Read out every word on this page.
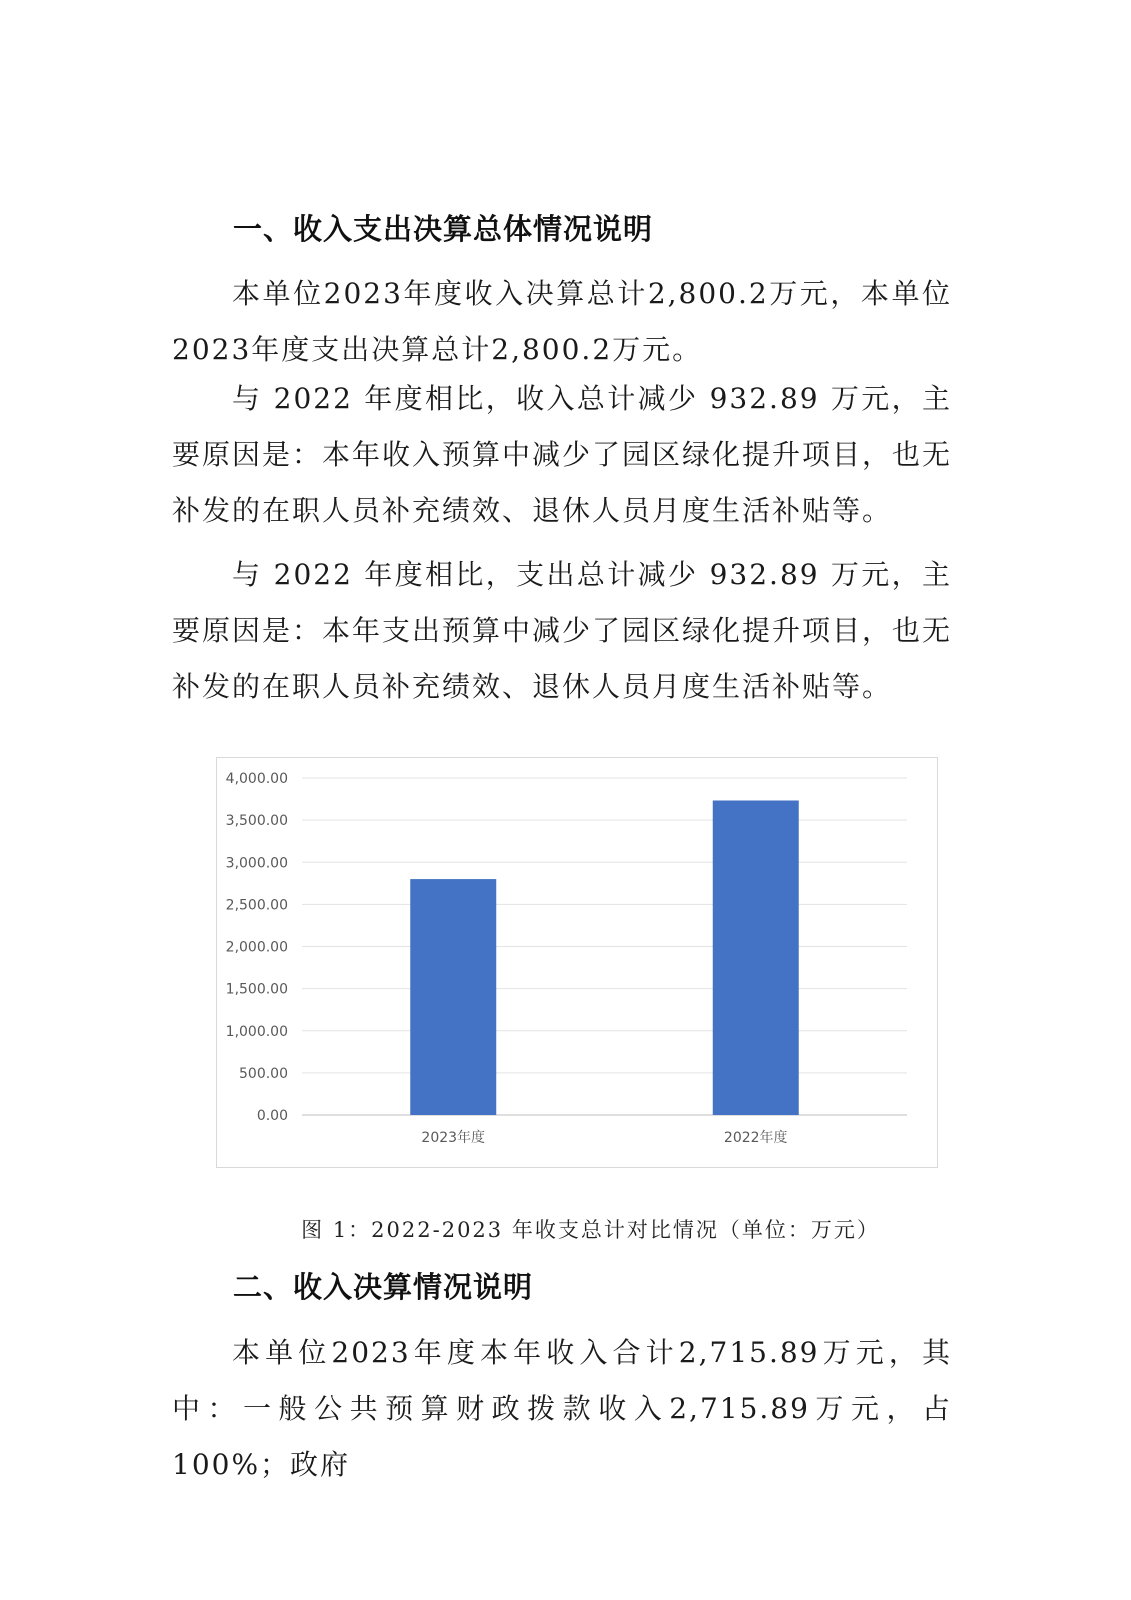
一、收入支出决算总体情况说明

本单位2023年度收入决算总计2,800.2万元，本单位2023年度支出决算总计2,800.2万元。

与 2022 年度相比，收入总计减少 932.89 万元，主要原因是：本年收入预算中减少了园区绿化提升项目，也无补发的在职人员补充绩效、退休人员月度生活补贴等。

与 2022 年度相比，支出总计减少 932.89 万元，主要原因是：本年支出预算中减少了园区绿化提升项目，也无补发的在职人员补充绩效、退休人员月度生活补贴等。

0.00
500.00
1,000.00
1,500.00
2,000.00
2,500.00
3,000.00
3,500.00
4,000.00
2023年度	2022年度
图 1：2022-2023 年收支总计对比情况（单位：万元）
二、收入决算情况说明

本单位2023年度本年收入合计2,715.89万元，其中：一般公共预算财政拨款收入2,715.89万元，占100%；政府
